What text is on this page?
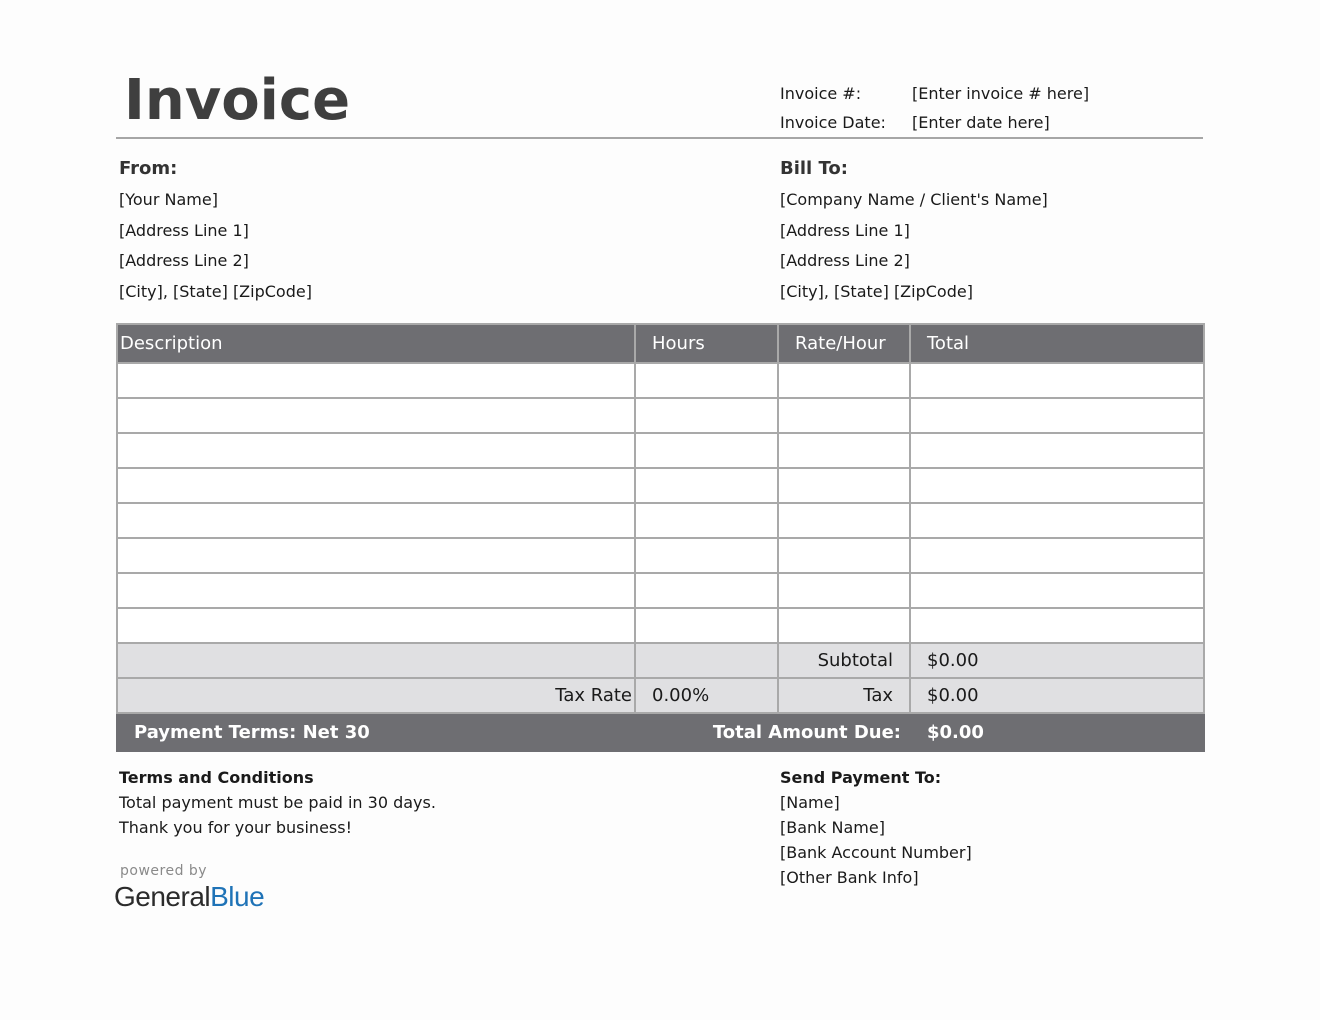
Invoice	Invoice #:	[Enter invoice # here]
Invoice Date: [Enter date here]
From:
[Your Name]
[Address Line 1]
[Address Line 2]
[City], [State] [ZipCode]
Bill To:
[Company Name / Client's Name]
[Address Line 1]
[Address Line 2]
[City], [State] [ZipCode]
Description	Hours	Rate/Hour	Total

		Subtotal	$0.00
Tax Rate	0.00%	Tax	$0.00
Payment Terms: Net 30	Total Amount Due:		$0.00
Terms and Conditions
Total payment must be paid in 30 days.
Thank you for your business!
Send Payment To:
[Name]
[Bank Name]
[Bank Account Number]
[Other Bank Info]
powered by
GeneralBlue
